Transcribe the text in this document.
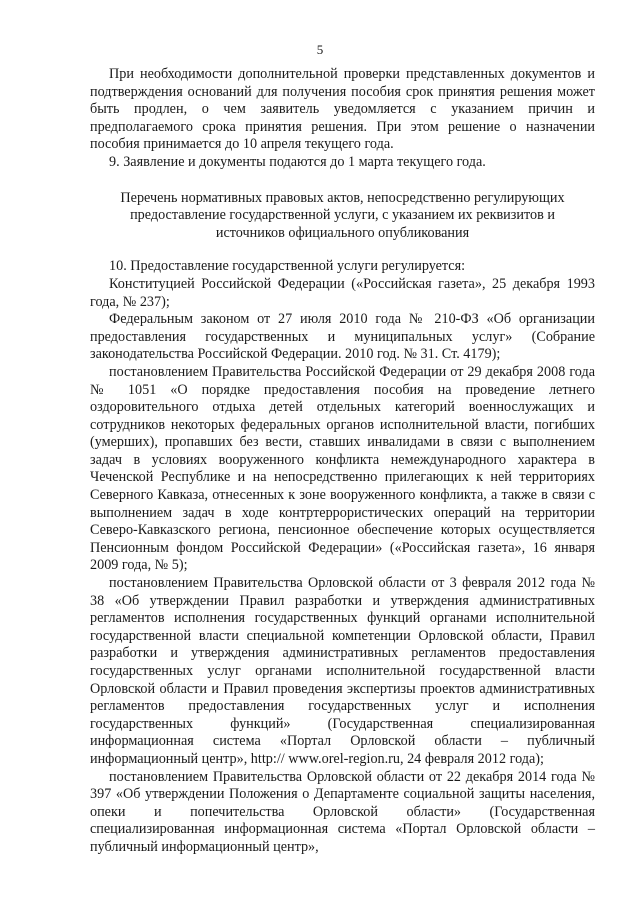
5

При необходимости дополнительной проверки представленных документов и подтверждения оснований для получения пособия срок принятия решения может быть продлен, о чем заявитель уведомляется с указанием причин и предполагаемого срока принятия решения. При этом решение о назначении пособия принимается до 10 апреля текущего года.

9. Заявление и документы подаются до 1 марта текущего года.

Перечень нормативных правовых актов, непосредственно регулирующих предоставление государственной услуги, с указанием их реквизитов и источников официального опубликования

10. Предоставление государственной услуги регулируется:

Конституцией Российской Федерации («Российская газета», 25 декабря 1993 года, № 237);

Федеральным законом от 27 июля 2010 года № 210-ФЗ «Об организации предоставления государственных и муниципальных услуг» (Собрание законодательства Российской Федерации. 2010 год. № 31. Ст. 4179);

постановлением Правительства Российской Федерации от 29 декабря 2008 года № 1051 «О порядке предоставления пособия на проведение летнего оздоровительного отдыха детей отдельных категорий военнослужащих и сотрудников некоторых федеральных органов исполнительной власти, погибших (умерших), пропавших без вести, ставших инвалидами в связи с выполнением задач в условиях вооруженного конфликта немеждународного характера в Чеченской Республике и на непосредственно прилегающих к ней территориях Северного Кавказа, отнесенных к зоне вооруженного конфликта, а также в связи с выполнением задач в ходе контртеррористических операций на территории Северо-Кавказского региона, пенсионное обеспечение которых осуществляется Пенсионным фондом Российской Федерации» («Российская газета», 16 января 2009 года, № 5);

постановлением Правительства Орловской области от 3 февраля 2012 года № 38 «Об утверждении Правил разработки и утверждения административных регламентов исполнения государственных функций органами исполнительной государственной власти специальной компетенции Орловской области, Правил разработки и утверждения административных регламентов предоставления государственных услуг органами исполнительной государственной власти Орловской области и Правил проведения экспертизы проектов административных регламентов предоставления государственных услуг и исполнения государственных функций» (Государственная специализированная информационная система «Портал Орловской области – публичный информационный центр», http:// www.orel-region.ru, 24 февраля 2012 года);

постановлением Правительства Орловской области от 22 декабря 2014 года № 397 «Об утверждении Положения о Департаменте социальной защиты населения, опеки и попечительства Орловской области» (Государственная специализированная информационная система «Портал Орловской области – публичный информационный центр»,
